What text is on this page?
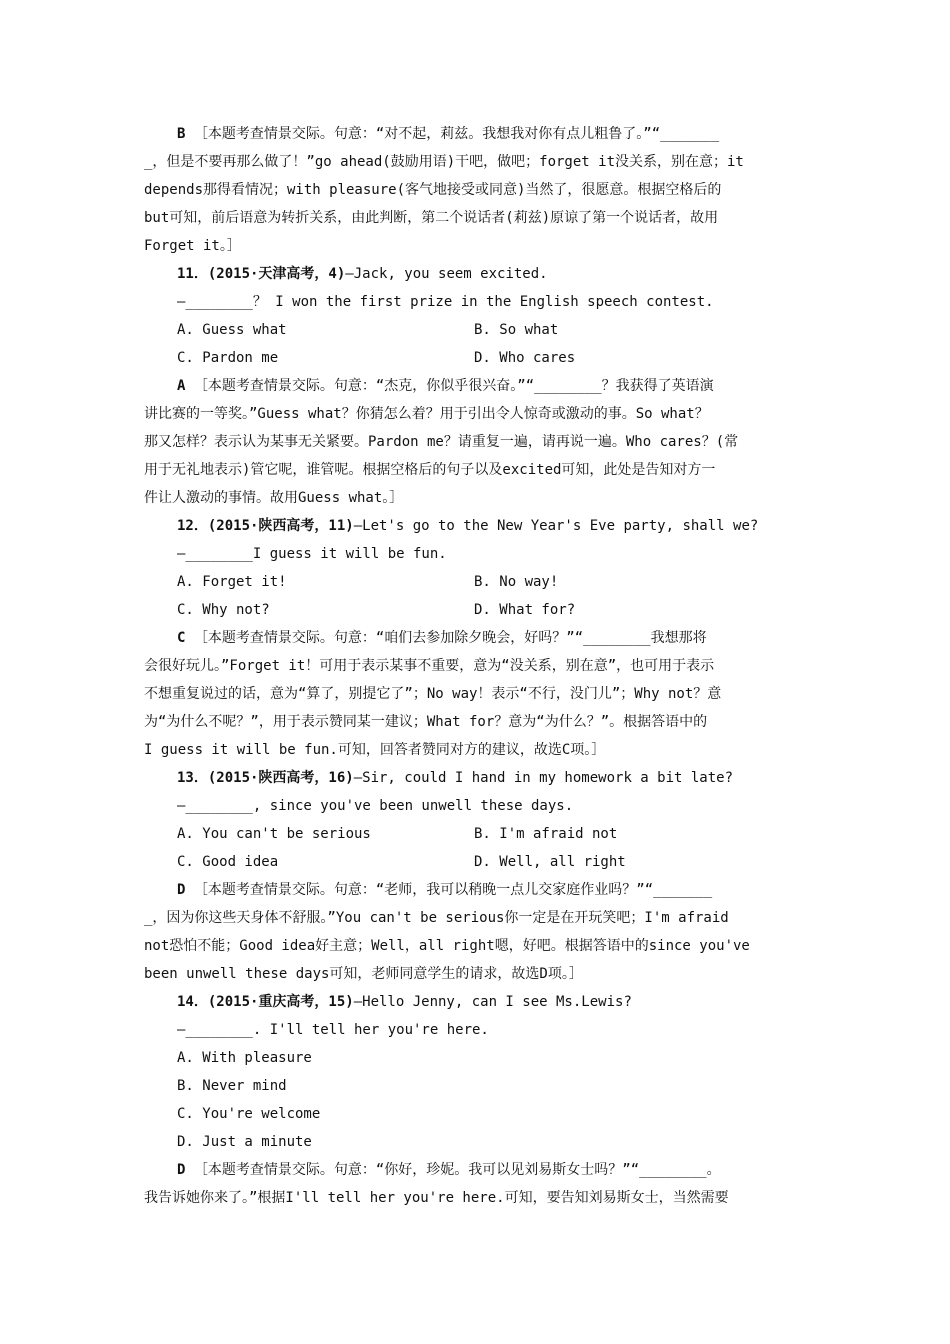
B ［本题考查情景交际。句意：“对不起，莉兹。我想我对你有点儿粗鲁了。”“_______
_，但是不要再那么做了！”go ahead(鼓励用语)干吧，做吧；forget it没关系，别在意；it
depends那得看情况；with pleasure(客气地接受或同意)当然了，很愿意。根据空格后的
but可知，前后语意为转折关系，由此判断，第二个说话者(莉兹)原谅了第一个说话者，故用
Forget it。］
11．(2015·天津高考，4)—Jack, you seem excited.
—________？ I won the first prize in the English speech contest.
A. Guess what	B. So what
C. Pardon me	D. Who cares
A ［本题考查情景交际。句意：“杰克，你似乎很兴奋。”“________？我获得了英语演
讲比赛的一等奖。”Guess what？你猜怎么着？用于引出令人惊奇或激动的事。So what？
那又怎样？表示认为某事无关紧要。Pardon me？请重复一遍，请再说一遍。Who cares？(常
用于无礼地表示)管它呢，谁管呢。根据空格后的句子以及excited可知，此处是告知对方一
件让人激动的事情。故用Guess what。］
12．(2015·陕西高考，11)—Let's go to the New Year's Eve party, shall we?
—________I guess it will be fun.
A. Forget it!	B. No way!
C. Why not?	D. What for?
C ［本题考查情景交际。句意：“咱们去参加除夕晚会，好吗？”“________我想那将
会很好玩儿。”Forget it！可用于表示某事不重要，意为“没关系，别在意”，也可用于表示
不想重复说过的话，意为“算了，别提它了”；No way！表示“不行，没门儿”；Why not？意
为“为什么不呢？”，用于表示赞同某一建议；What for？意为“为什么？”。根据答语中的
I guess it will be fun.可知，回答者赞同对方的建议，故选C项。］
13．(2015·陕西高考，16)—Sir, could I hand in my homework a bit late?
—________, since you've been unwell these days.
A. You can't be serious	B. I'm afraid not
C. Good idea	D. Well, all right
D ［本题考查情景交际。句意：“老师，我可以稍晚一点儿交家庭作业吗？”“_______
_，因为你这些天身体不舒服。”You can't be serious你一定是在开玩笑吧；I'm afraid
not恐怕不能；Good idea好主意；Well，all right嗯，好吧。根据答语中的since you've
been unwell these days可知，老师同意学生的请求，故选D项。］
14．(2015·重庆高考，15)—Hello Jenny, can I see Ms.Lewis?
—________. I'll tell her you're here.
A. With pleasure
B. Never mind
C. You're welcome
D. Just a minute
D ［本题考查情景交际。句意：“你好，珍妮。我可以见刘易斯女士吗？”“________。
我告诉她你来了。”根据I'll tell her you're here.可知，要告知刘易斯女士，当然需要
